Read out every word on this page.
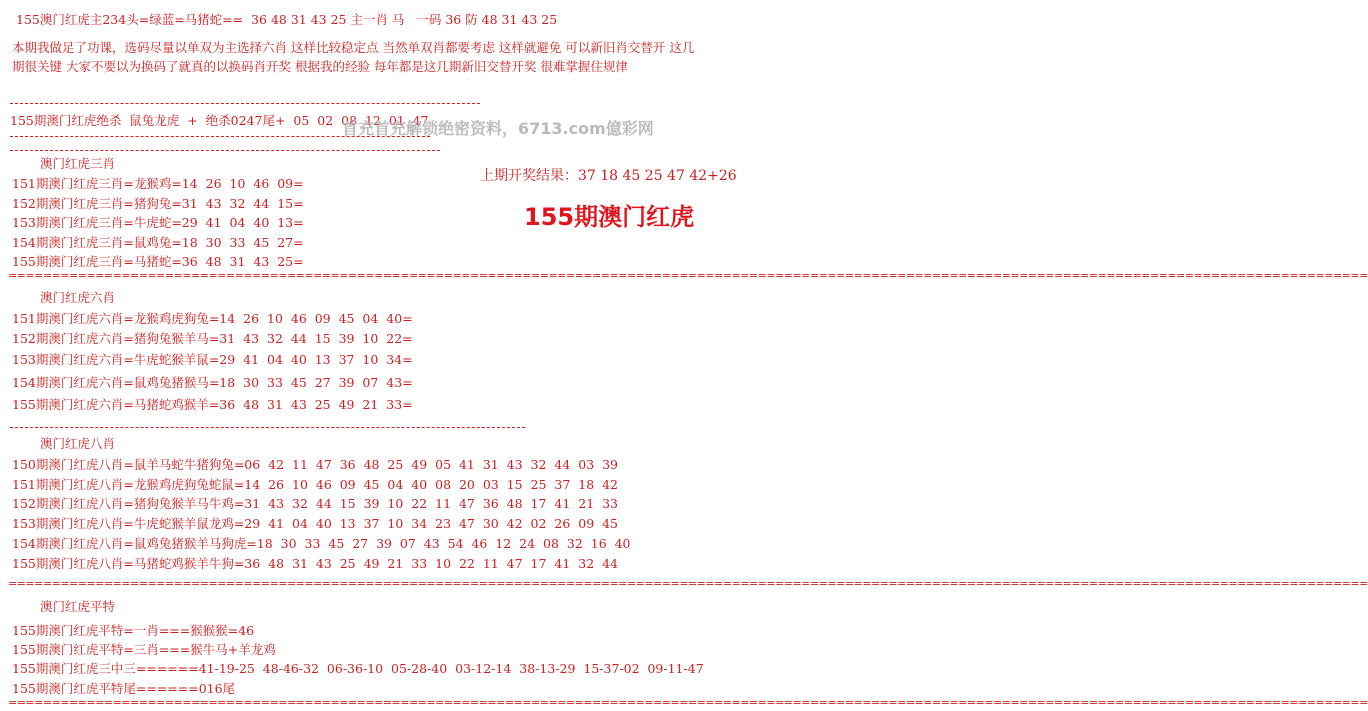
155澳门红虎主234头=绿蓝=马猪蛇==  36 48 31 43 25 主一肖 马   一码 36 防 48 31 43 25
本期我做足了功课，选码尽量以单双为主选择六肖 这样比较稳定点 当然单双肖都要考虑 这样就避免 可以新旧肖交替开 这几期很关键 大家不要以为换码了就真的以换码肖开奖 根据我的经验 每年都是这几期新旧交替开奖 很难掌握住规律
155期澳门红虎绝杀  鼠兔龙虎  +  绝杀0247尾+  05  02  08  12  01  47
首充首充解锁绝密资料，6713.com億彩网
澳门红虎三肖
151期澳门红虎三肖=龙猴鸡=14  26  10  46  09=
152期澳门红虎三肖=猪狗兔=31  43  32  44  15=
153期澳门红虎三肖=牛虎蛇=29  41  04  40  13=
154期澳门红虎三肖=鼠鸡兔=18  30  33  45  27=
155期澳门红虎三肖=马猪蛇=36  48  31  43  25=
上期开奖结果：37 18 45 25 47 42+26
155期澳门红虎
============================================================================================================================================================
澳门红虎六肖
151期澳门红虎六肖=龙猴鸡虎狗兔=14  26  10  46  09  45  04  40=
152期澳门红虎六肖=猪狗兔猴羊马=31  43  32  44  15  39  10  22=
153期澳门红虎六肖=牛虎蛇猴羊鼠=29  41  04  40  13  37  10  34=
154期澳门红虎六肖=鼠鸡兔猪猴马=18  30  33  45  27  39  07  43=
155期澳门红虎六肖=马猪蛇鸡猴羊=36  48  31  43  25  49  21  33=
澳门红虎八肖
150期澳门红虎八肖=鼠羊马蛇牛猪狗兔=06  42  11  47  36  48  25  49  05  41  31  43  32  44  03  39
151期澳门红虎八肖=龙猴鸡虎狗兔蛇鼠=14  26  10  46  09  45  04  40  08  20  03  15  25  37  18  42
152期澳门红虎八肖=猪狗兔猴羊马牛鸡=31  43  32  44  15  39  10  22  11  47  36  48  17  41  21  33
153期澳门红虎八肖=牛虎蛇猴羊鼠龙鸡=29  41  04  40  13  37  10  34  23  47  30  42  02  26  09  45
154期澳门红虎八肖=鼠鸡兔猪猴羊马狗虎=18  30  33  45  27  39  07  43  54  46  12  24  08  32  16  40
155期澳门红虎八肖=马猪蛇鸡猴羊牛狗=36  48  31  43  25  49  21  33  10  22  11  47  17  41  32  44
============================================================================================================================================================
澳门红虎平特
155期澳门红虎平特=一肖===猴猴猴=46
155期澳门红虎平特=三肖===猴牛马+羊龙鸡
155期澳门红虎三中三======41-19-25  48-46-32  06-36-10  05-28-40  03-12-14  38-13-29  15-37-02  09-11-47
155期澳门红虎平特尾======016尾
============================================================================================================================================================
